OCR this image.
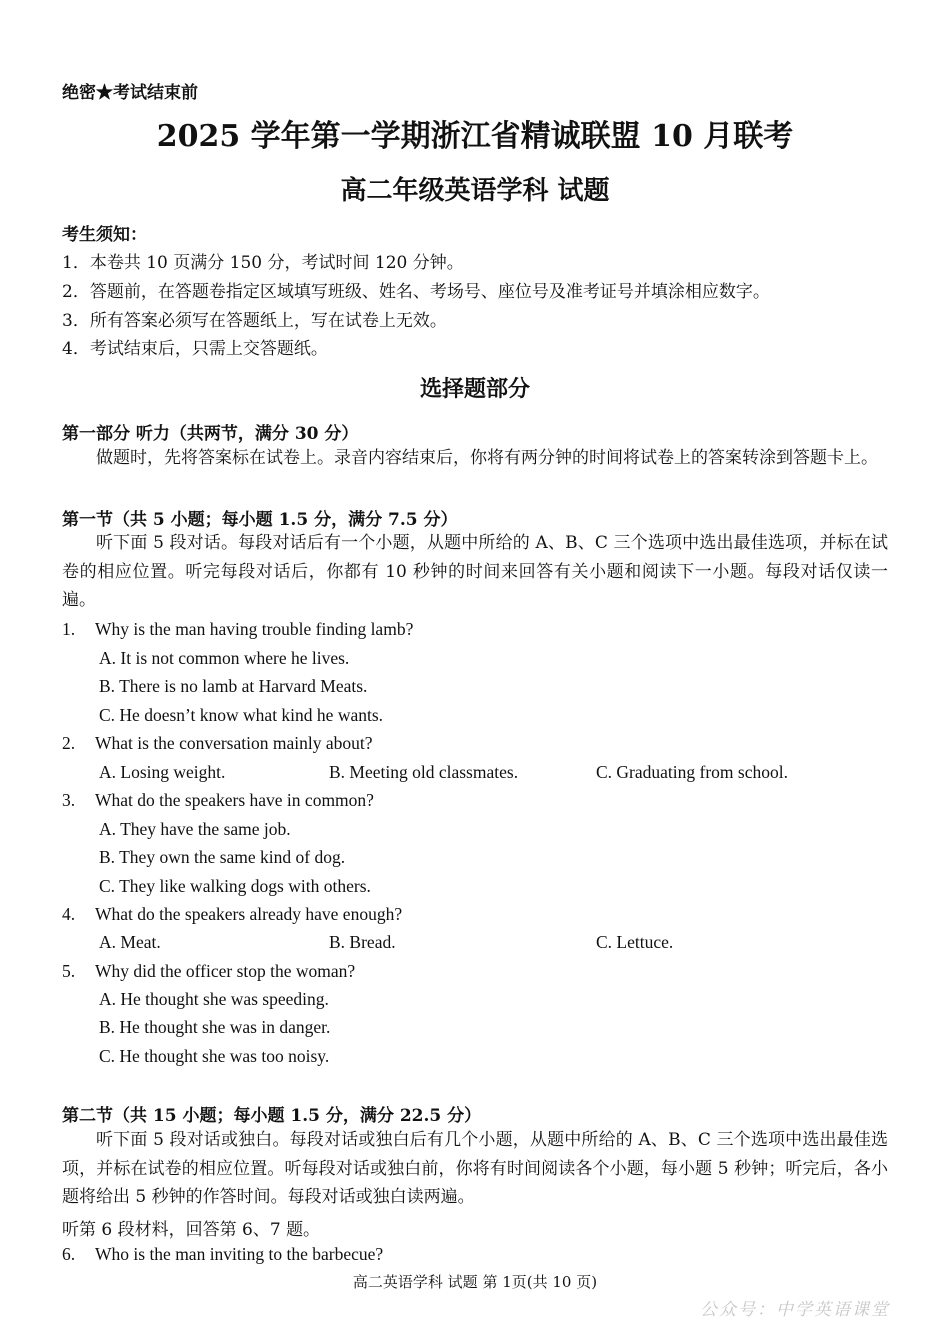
绝密★考试结束前
2025 学年第一学期浙江省精诚联盟 10 月联考
高二年级英语学科 试题
考生须知：
1．本卷共 10 页满分 150 分，考试时间 120 分钟。
2．答题前，在答题卷指定区域填写班级、姓名、考场号、座位号及准考证号并填涂相应数字。
3．所有答案必须写在答题纸上，写在试卷上无效。
4．考试结束后，只需上交答题纸。
选择题部分
第一部分 听力（共两节，满分 30 分）
做题时，先将答案标在试卷上。录音内容结束后，你将有两分钟的时间将试卷上的答案转涂到答题卡上。
第一节（共 5 小题；每小题 1.5 分，满分 7.5 分）
听下面 5 段对话。每段对话后有一个小题，从题中所给的 A、B、C 三个选项中选出最佳选项，并标在试卷的相应位置。听完每段对话后，你都有 10 秒钟的时间来回答有关小题和阅读下一小题。每段对话仅读一遍。
1. Why is the man having trouble finding lamb?
A. It is not common where he lives.
B. There is no lamb at Harvard Meats.
C. He doesn’t know what kind he wants.
2. What is the conversation mainly about?
A. Losing weight.	B. Meeting old classmates.	C. Graduating from school.
3. What do the speakers have in common?
A. They have the same job.
B. They own the same kind of dog.
C. They like walking dogs with others.
4. What do the speakers already have enough?
A. Meat.	B. Bread.	C. Lettuce.
5. Why did the officer stop the woman?
A. He thought she was speeding.
B. He thought she was in danger.
C. He thought she was too noisy.
第二节（共 15 小题；每小题 1.5 分，满分 22.5 分）
听下面 5 段对话或独白。每段对话或独白后有几个小题，从题中所给的 A、B、C 三个选项中选出最佳选项，并标在试卷的相应位置。听每段对话或独白前，你将有时间阅读各个小题，每小题 5 秒钟；听完后，各小题将给出 5 秒钟的作答时间。每段对话或独白读两遍。
听第 6 段材料，回答第 6、7 题。
6. Who is the man inviting to the barbecue?
高二英语学科 试题 第 1页(共 10 页)
公众号：中学英语课堂
